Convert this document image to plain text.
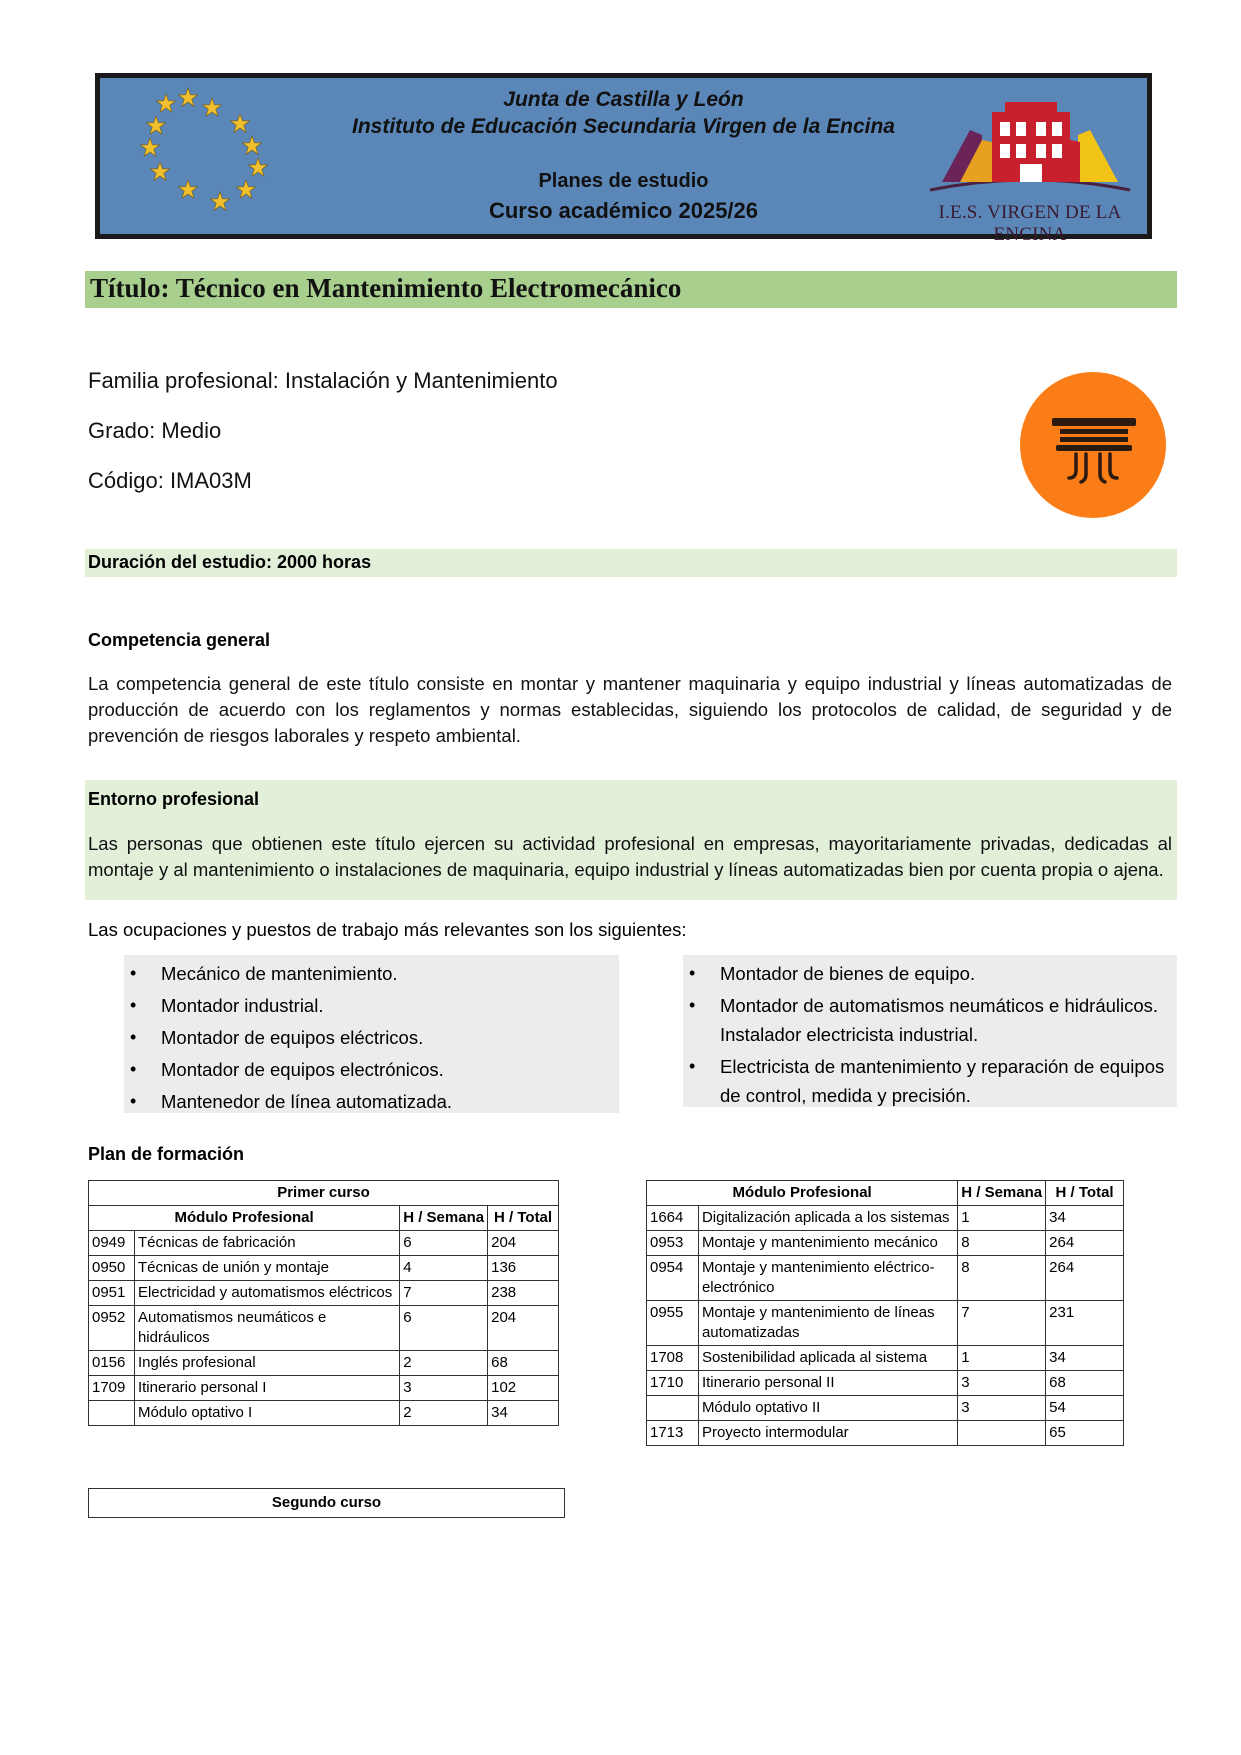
Junta de Castilla y León
Instituto de Educación Secundaria Virgen de la Encina
Planes de estudio
Curso académico 2025/26	I.E.S. VIRGEN DE LA ENCINA
Título: Técnico en Mantenimiento Electromecánico
Familia profesional: Instalación y Mantenimiento
Grado: Medio
Código: IMA03M
Duración del estudio: 2000 horas
Competencia general
La competencia general de este título consiste en montar y mantener maquinaria y equipo industrial y líneas automatizadas de producción de acuerdo con los reglamentos y normas establecidas, siguiendo los protocolos de calidad, de seguridad y de prevención de riesgos laborales y respeto ambiental.
Entorno profesional
Las personas que obtienen este título ejercen su actividad profesional en empresas, mayoritariamente privadas, dedicadas al montaje y al mantenimiento o instalaciones de maquinaria, equipo industrial y líneas automatizadas bien por cuenta propia o ajena.
Las ocupaciones y puestos de trabajo más relevantes son los siguientes:
• Mecánico de mantenimiento.
• Montador industrial.
• Montador de equipos eléctricos.
• Montador de equipos electrónicos.
• Mantenedor de línea automatizada.
• Montador de bienes de equipo.
• Montador de automatismos neumáticos e hidráulicos. Instalador electricista industrial.
• Electricista de mantenimiento y reparación de equipos de control, medida y precisión.
Plan de formación
Primer curso			
Módulo Profesional		H / Semana	H / Total
0949	Técnicas de fabricación	6	204
0950	Técnicas de unión y montaje	4	136
0951	Electricidad y automatismos eléctricos	7	238
0952	Automatismos neumáticos e hidráulicos	6	204
0156	Inglés profesional	2	68
1709	Itinerario personal I	3	102
	Módulo optativo I	2	34
Segundo curso
Módulo Profesional		H / Semana	H / Total
1664	Digitalización aplicada a los sistemas	1	34
0953	Montaje y mantenimiento mecánico	8	264
0954	Montaje y mantenimiento eléctrico-electrónico	8	264
0955	Montaje y mantenimiento de líneas automatizadas	7	231
1708	Sostenibilidad aplicada al sistema	1	34
1710	Itinerario personal II	3	68
	Módulo optativo II	3	54
1713	Proyecto intermodular		65
